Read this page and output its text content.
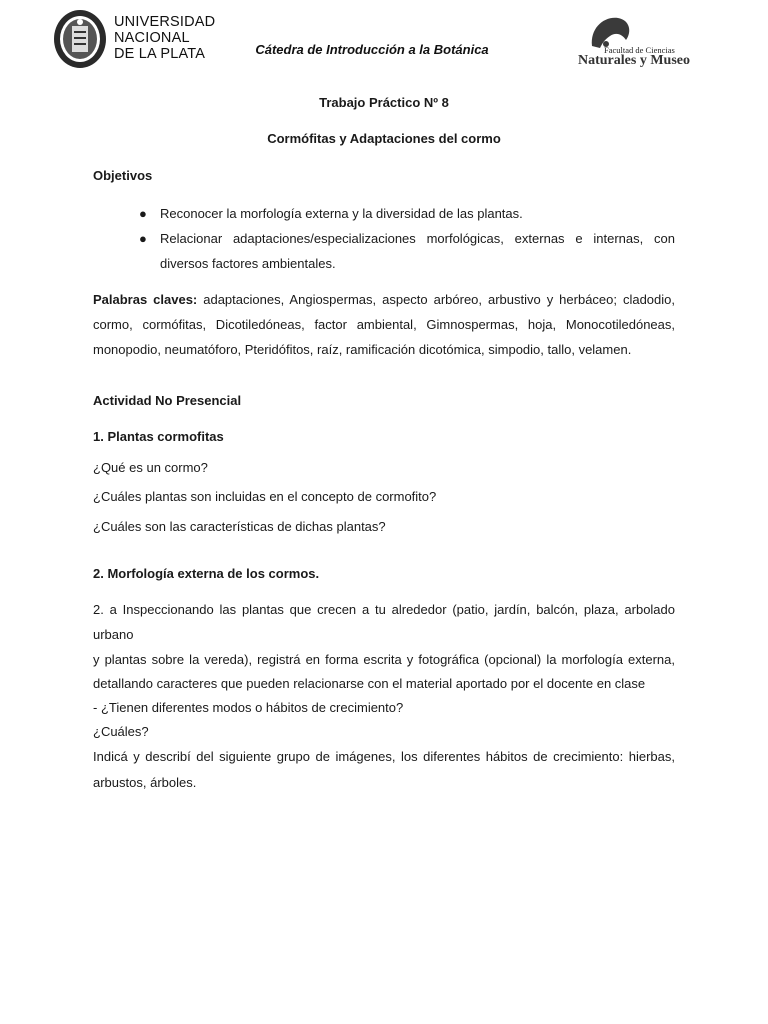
UNIVERSIDAD
NACIONAL
DE LA PLATA	Cátedra de Introducción a la Botánica	Facultad de Ciencias
Naturales y Museo
Trabajo Práctico Nº 8
Cormófitas y Adaptaciones del cormo
Objetivos
● Reconocer la morfología externa y la diversidad de las plantas.
● Relacionar adaptaciones/especializaciones morfológicas, externas e internas, con
diversos factores ambientales.
Palabras claves: adaptaciones, Angiospermas, aspecto arbóreo, arbustivo y herbáceo; cladodio,
cormo, cormófitas, Dicotiledóneas, factor ambiental, Gimnospermas, hoja, Monocotiledóneas,
monopodio, neumatóforo, Pteridófitos, raíz, ramificación dicotómica, simpodio, tallo, velamen.
Actividad No Presencial
1. Plantas cormofitas
¿Qué es un cormo?
¿Cuáles plantas son incluidas en el concepto de cormofito?
¿Cuáles son las características de dichas plantas?
2. Morfología externa de los cormos.
2. a Inspeccionando las plantas que crecen a tu alrededor (patio, jardín, balcón, plaza, arbolado urbano
y plantas sobre la vereda), registrá en forma escrita y fotográfica (opcional) la morfología externa,
detallando caracteres que pueden relacionarse con el material aportado por el docente en clase
- ¿Tienen diferentes modos o hábitos de crecimiento?
¿Cuáles?
Indicá y describí del siguiente grupo de imágenes, los diferentes hábitos de crecimiento: hierbas,
arbustos, árboles.
